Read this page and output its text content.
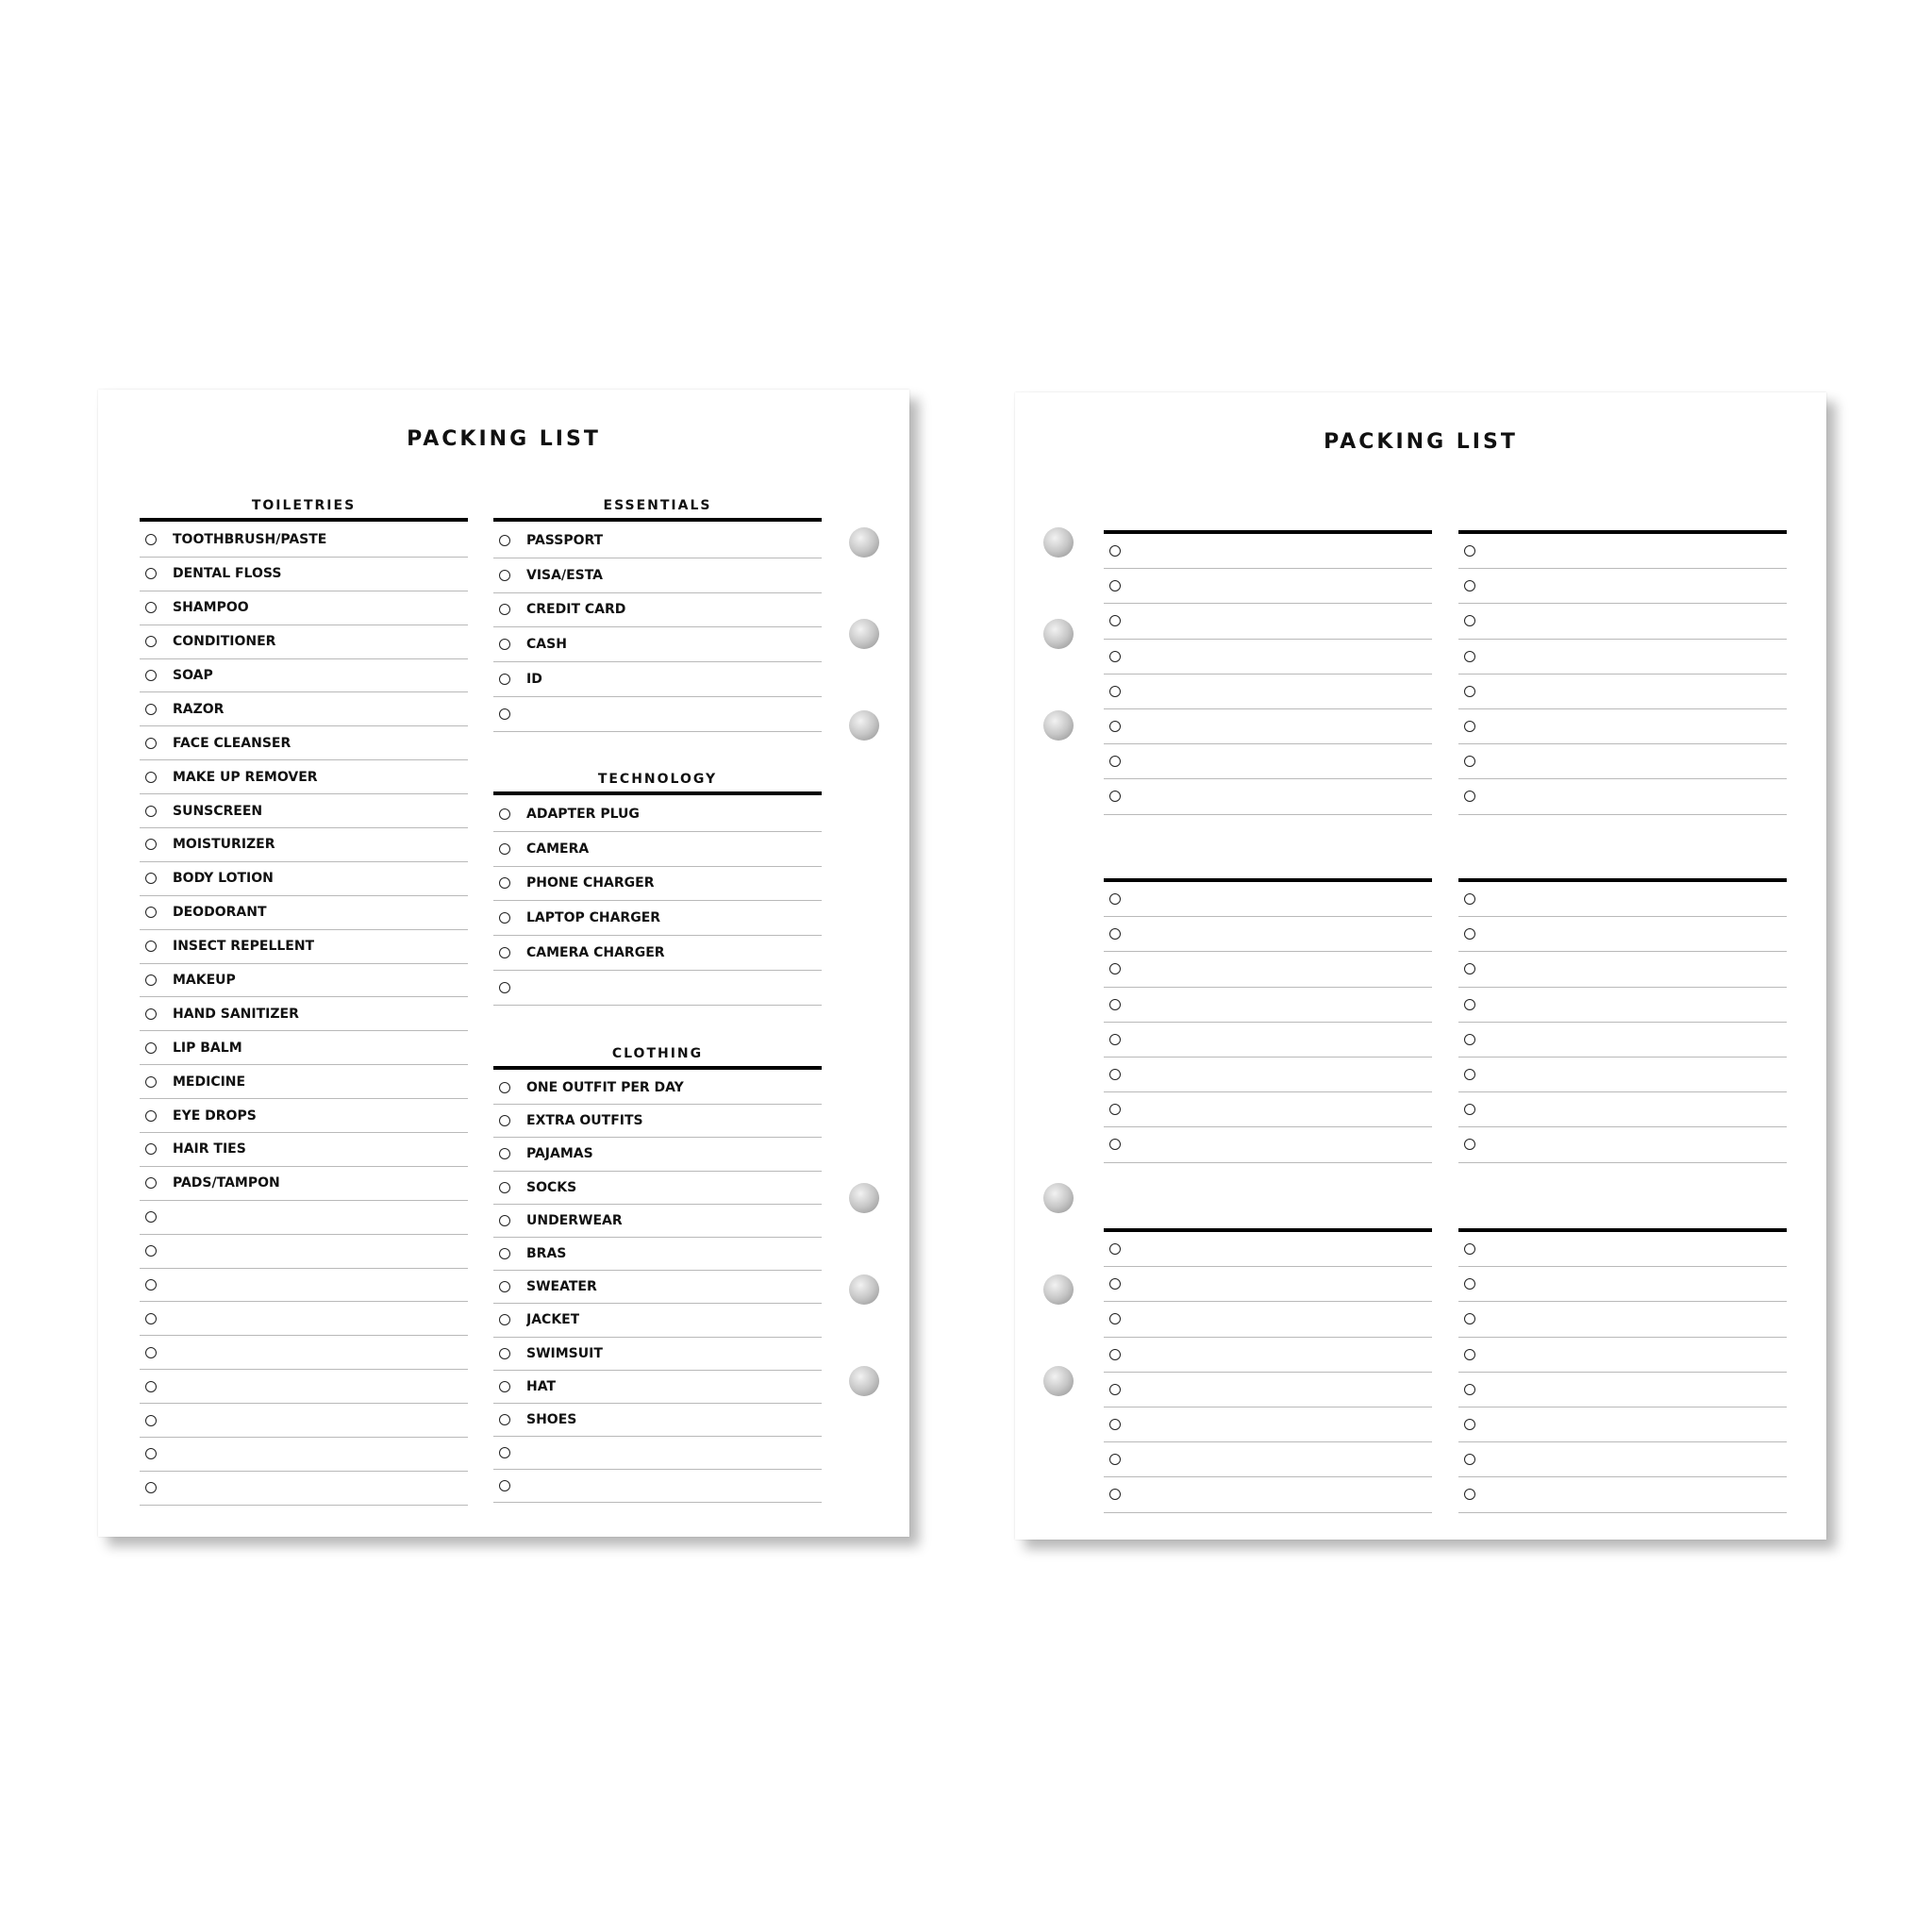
PACKING LIST
TOILETRIES
TOOTHBRUSH/PASTE
DENTAL FLOSS
SHAMPOO
CONDITIONER
SOAP
RAZOR
FACE CLEANSER
MAKE UP REMOVER
SUNSCREEN
MOISTURIZER
BODY LOTION
DEODORANT
INSECT REPELLENT
MAKEUP
HAND SANITIZER
LIP BALM
MEDICINE
EYE DROPS
HAIR TIES
PADS/TAMPON
ESSENTIALS
PASSPORT
VISA/ESTA
CREDIT CARD
CASH
ID
TECHNOLOGY
ADAPTER PLUG
CAMERA
PHONE CHARGER
LAPTOP CHARGER
CAMERA CHARGER
CLOTHING
ONE OUTFIT PER DAY
EXTRA OUTFITS
PAJAMAS
SOCKS
UNDERWEAR
BRAS
SWEATER
JACKET
SWIMSUIT
HAT
SHOES
PACKING LIST
